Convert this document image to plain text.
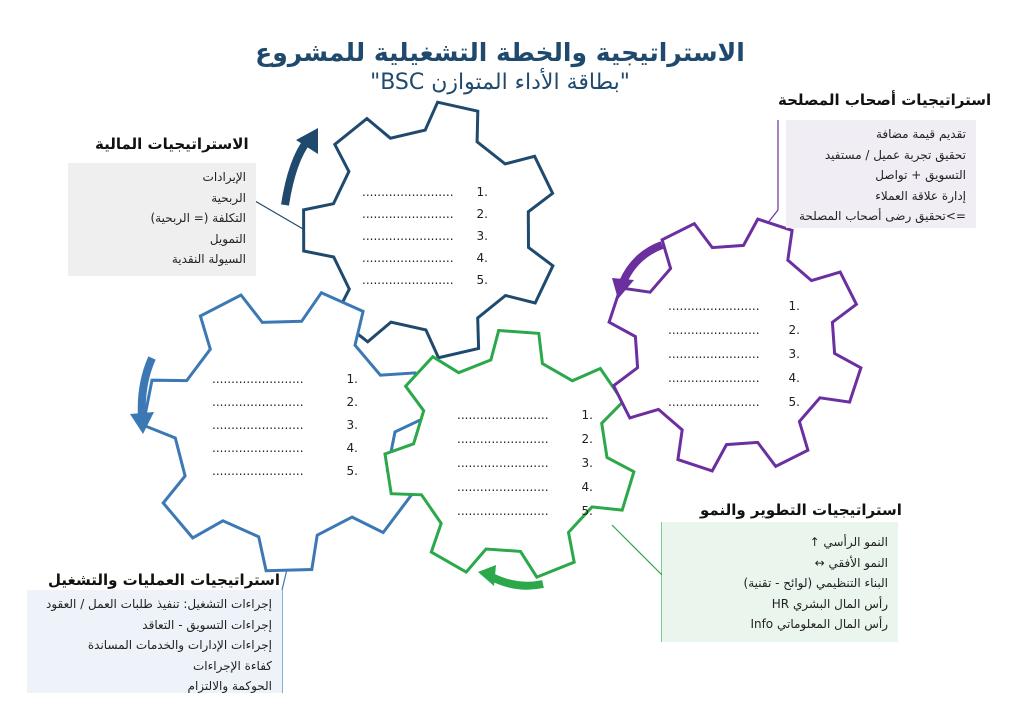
الاستراتيجية والخطة التشغيلية للمشروع
"بطاقة الأداء المتوازن BSC"
........................ 1.
........................ 2.
........................ 3.
........................ 4.
........................ 5.
........................	1.
........................	2.
........................	3.
........................	4.
........................	5.
........................	1.
........................	2.
........................	3.
........................	4.
........................	5.
........................ 1.
........................ 2.
........................ 3.
........................ 4.
........................ 5.
الاستراتيجيات المالية
الإيرادات
الربحية
التكلفة (= الربحية)
التمويل
السيولة النقدية
استراتيجيات أصحاب المصلحة
تقديم قيمة مضافة
تحقيق تجربة عميل / مستفيد
التسويق + تواصل
إدارة علاقة العملاء
=>تحقيق رضى أصحاب المصلحة
استراتيجيات العمليات والتشغيل
إجراءات التشغيل: تنفيذ طلبات العمل / العقود
إجراءات التسويق - التعاقد
إجراءات الإدارات والخدمات المساندة
كفاءة الإجراءات
الحوكمة والالتزام
استراتيجيات التطوير والنمو
النمو الرأسي ↑
النمو الأفقي ↔
البناء التنظيمي (لوائح - تقنية)
رأس المال البشري HR
رأس المال المعلوماتي Info
